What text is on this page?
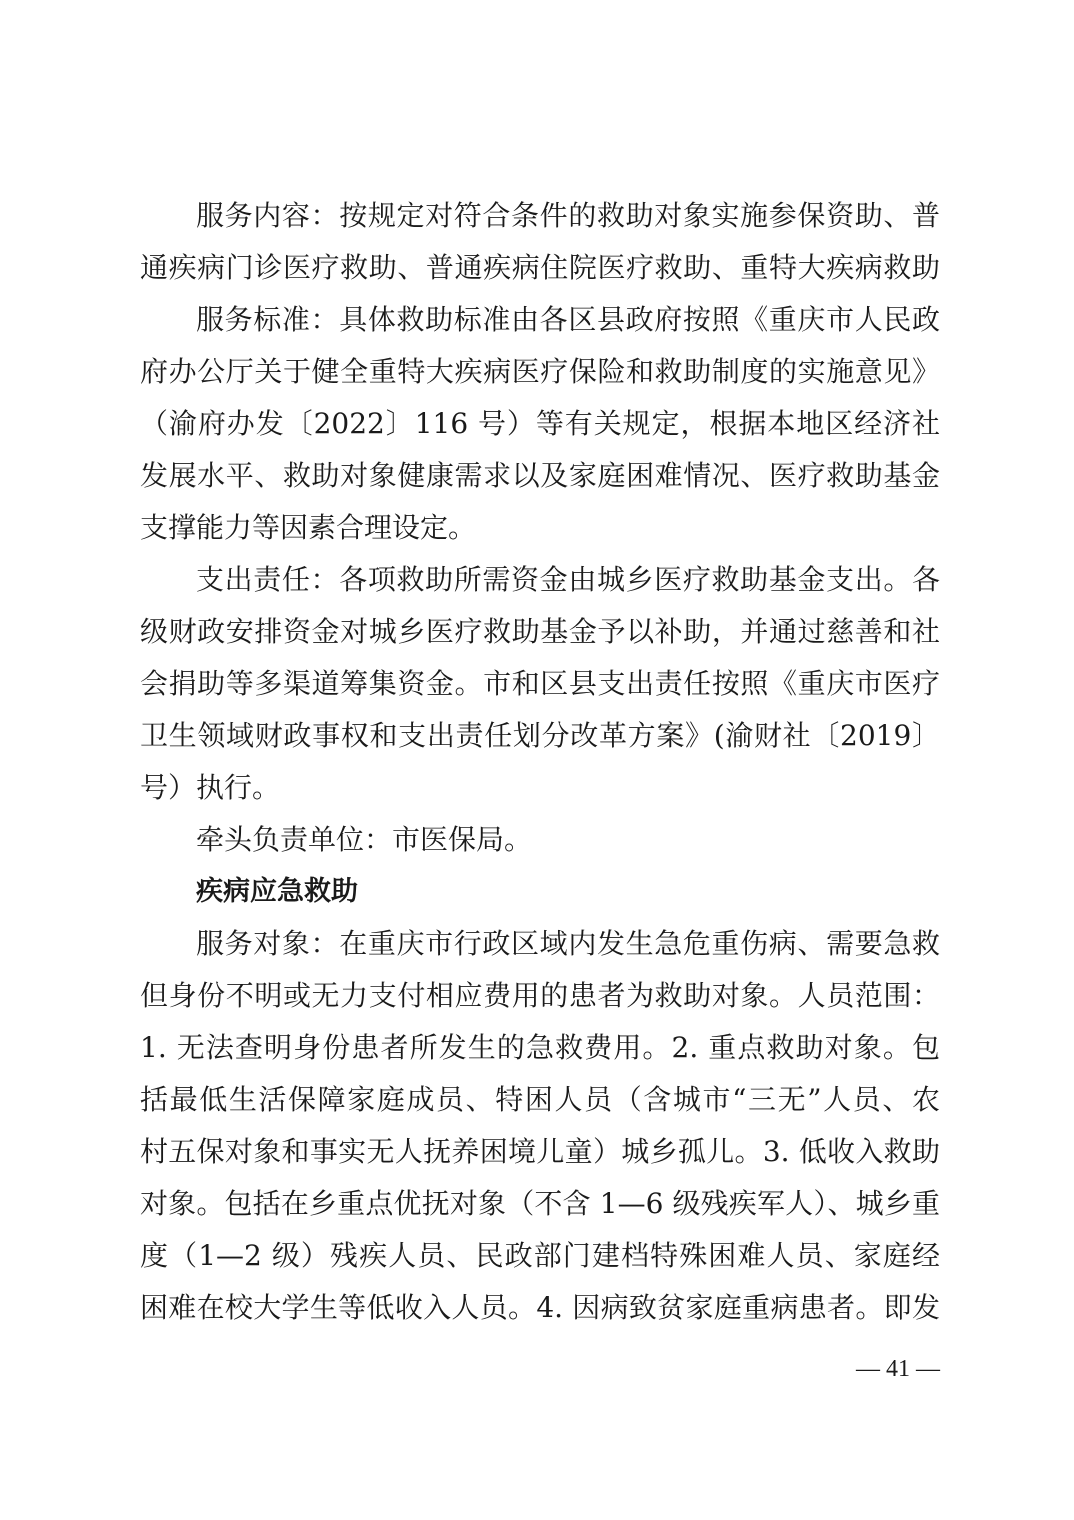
服务内容：按规定对符合条件的救助对象实施参保资助、普
通疾病门诊医疗救助、普通疾病住院医疗救助、重特大疾病救助
服务标准：具体救助标准由各区县政府按照《重庆市人民政
府办公厅关于健全重特大疾病医疗保险和救助制度的实施意见》
（渝府办发〔2022〕116 号）等有关规定，根据本地区经济社
发展水平、救助对象健康需求以及家庭困难情况、医疗救助基金
支撑能力等因素合理设定。
支出责任：各项救助所需资金由城乡医疗救助基金支出。各
级财政安排资金对城乡医疗救助基金予以补助，并通过慈善和社
会捐助等多渠道筹集资金。市和区县支出责任按照《重庆市医疗
卫生领域财政事权和支出责任划分改革方案》(渝财社〔2019〕
号）执行。
牵头负责单位：市医保局。
疾病应急救助
服务对象：在重庆市行政区域内发生急危重伤病、需要急救
但身份不明或无力支付相应费用的患者为救助对象。人员范围：
1. 无法查明身份患者所发生的急救费用。2. 重点救助对象。包
括最低生活保障家庭成员、特困人员（含城市“三无”人员、农
村五保对象和事实无人抚养困境儿童）城乡孤儿。3. 低收入救助
对象。包括在乡重点优抚对象（不含 1—6 级残疾军人）、城乡重
度（1—2 级）残疾人员、民政部门建档特殊困难人员、家庭经
困难在校大学生等低收入人员。4. 因病致贫家庭重病患者。即发
— 41 —
